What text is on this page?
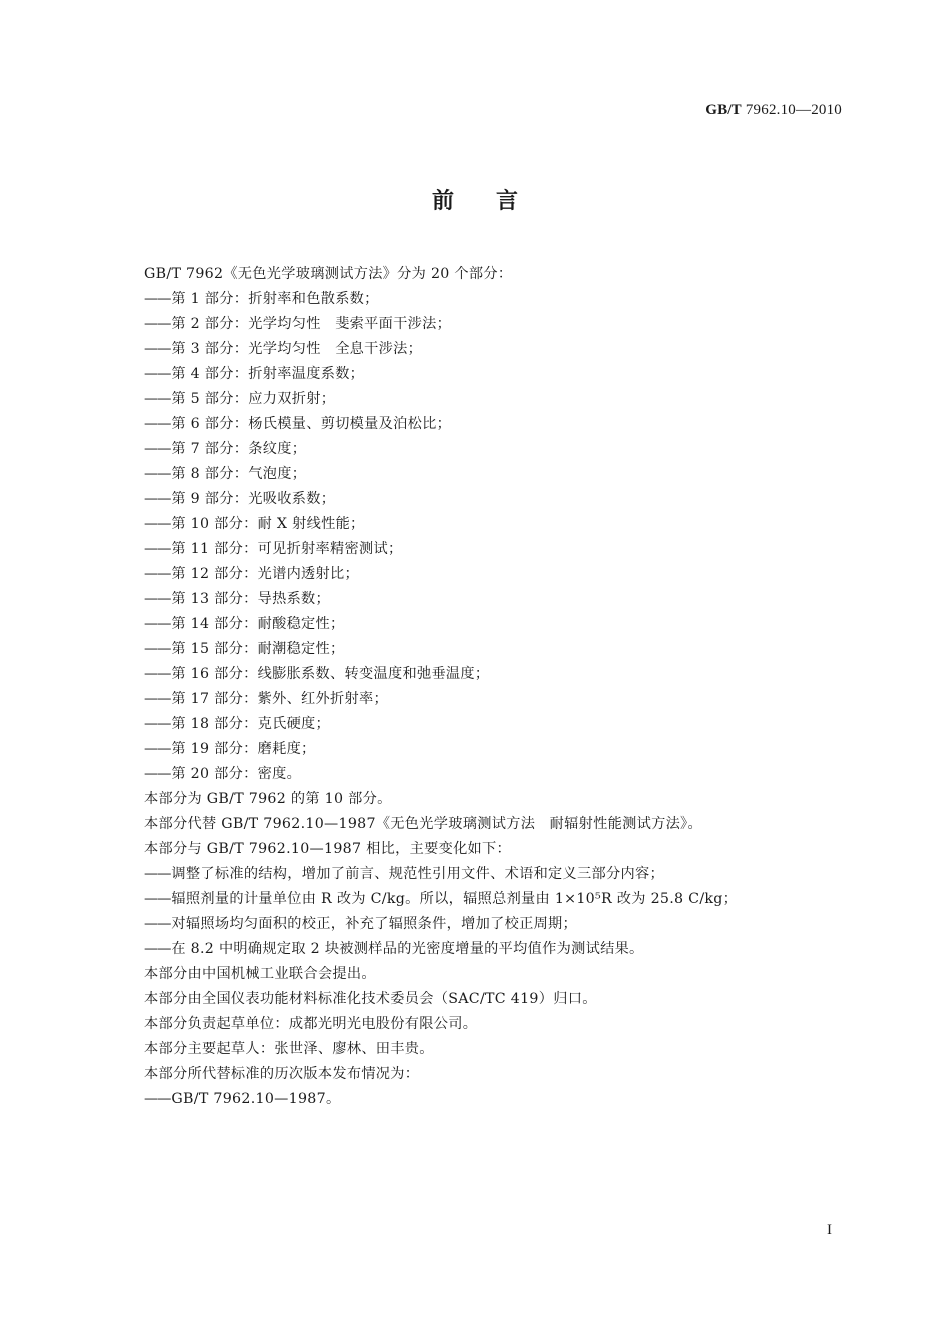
GB/T 7962.10—2010
前言
GB/T 7962《无色光学玻璃测试方法》分为 20 个部分：
—— 第 1 部分：折射率和色散系数；
—— 第 2 部分：光学均匀性　斐索平面干涉法；
—— 第 3 部分：光学均匀性　全息干涉法；
—— 第 4 部分：折射率温度系数；
—— 第 5 部分：应力双折射；
—— 第 6 部分：杨氏模量、剪切模量及泊松比；
—— 第 7 部分：条纹度；
—— 第 8 部分：气泡度；
—— 第 9 部分：光吸收系数；
—— 第 10 部分：耐 X 射线性能；
—— 第 11 部分：可见折射率精密测试；
—— 第 12 部分：光谱内透射比；
—— 第 13 部分：导热系数；
—— 第 14 部分：耐酸稳定性；
—— 第 15 部分：耐潮稳定性；
—— 第 16 部分：线膨胀系数、转变温度和弛垂温度；
—— 第 17 部分：紫外、红外折射率；
—— 第 18 部分：克氏硬度；
—— 第 19 部分：磨耗度；
—— 第 20 部分：密度。
本部分为 GB/T 7962 的第 10 部分。
本部分代替 GB/T 7962.10—1987《无色光学玻璃测试方法　耐辐射性能测试方法》。
本部分与 GB/T 7962.10—1987 相比，主要变化如下：
—— 调整了标准的结构，增加了前言、规范性引用文件、术语和定义三部分内容；
—— 辐照剂量的计量单位由 R 改为 C/kg。所以，辐照总剂量由 1×10⁵R 改为 25.8 C/kg；
—— 对辐照场均匀面积的校正，补充了辐照条件，增加了校正周期；
—— 在 8.2 中明确规定取 2 块被测样品的光密度增量的平均值作为测试结果。
本部分由中国机械工业联合会提出。
本部分由全国仪表功能材料标准化技术委员会（SAC/TC 419）归口。
本部分负责起草单位：成都光明光电股份有限公司。
本部分主要起草人：张世泽、廖林、田丰贵。
本部分所代替标准的历次版本发布情况为：
—— GB/T 7962.10—1987。
I
